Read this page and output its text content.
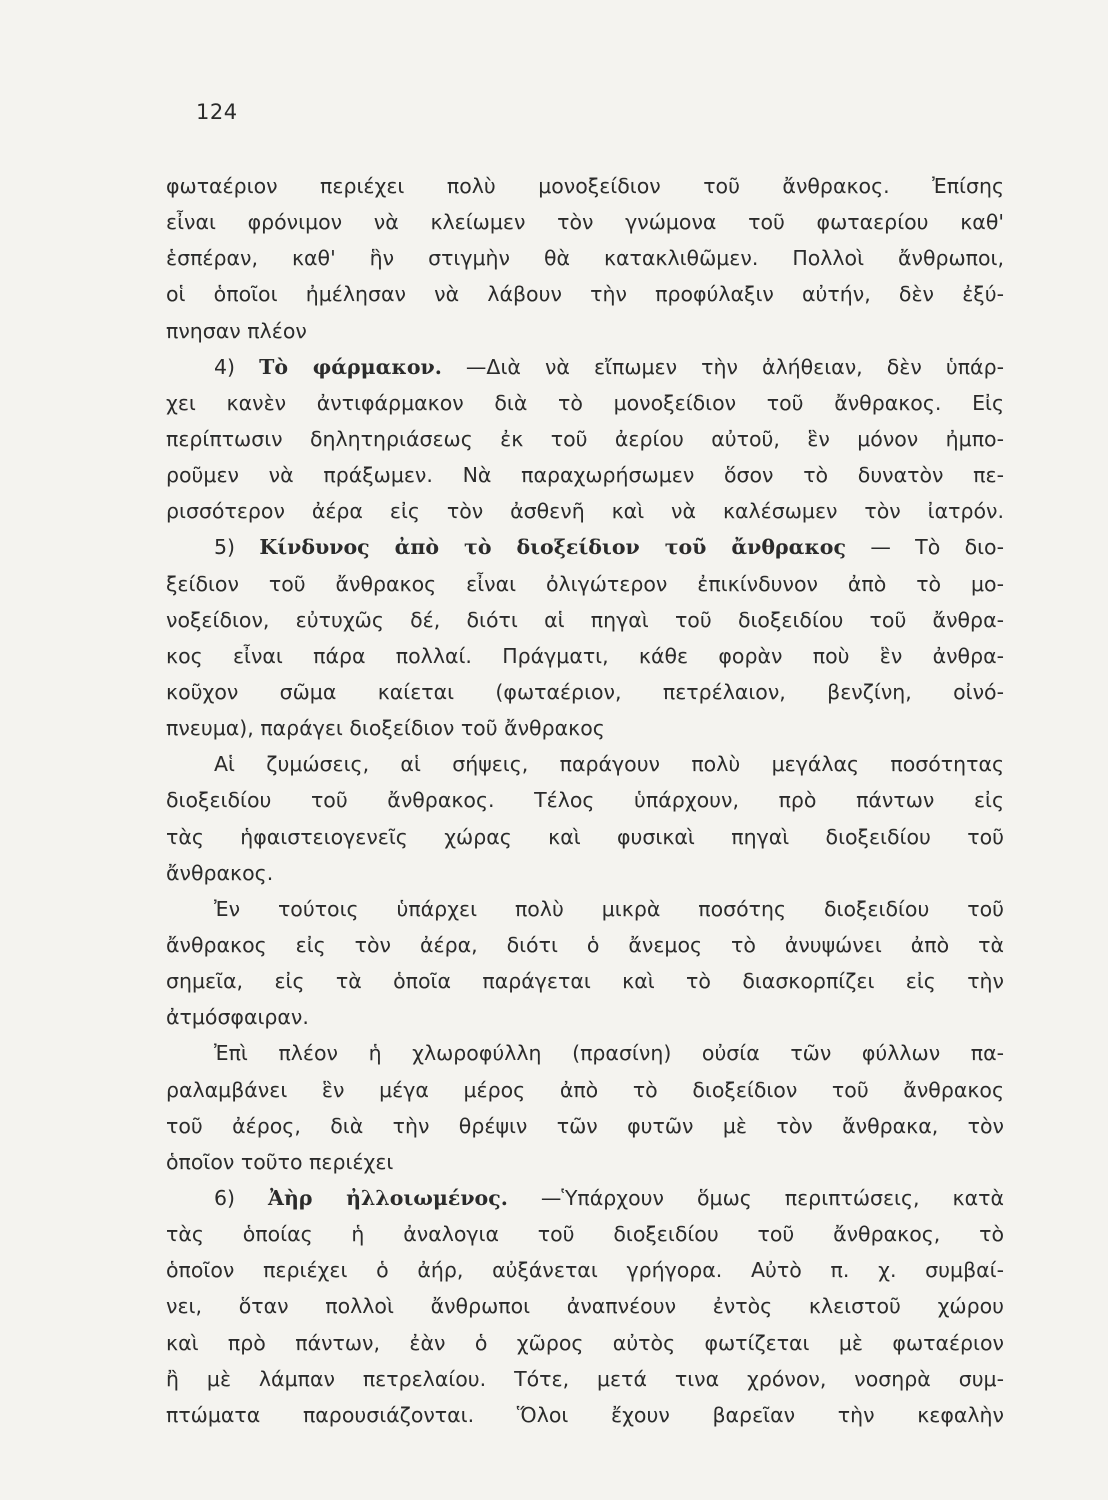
124
φωταέριον περιέχει πολὺ μονοξείδιον τοῦ ἄνθρακος. Ἐπίσης
εἶναι φρόνιμον νὰ κλείωμεν τὸν γνώμονα τοῦ φωταερίου καθ'
ἑσπέραν, καθ' ἣν στιγμὴν θὰ κατακλιθῶμεν. Πολλοὶ ἄνθρωποι,
οἱ ὁποῖοι ἠμέλησαν νὰ λάβουν τὴν προφύλαξιν αὐτήν, δὲν ἐξύ-
πνησαν πλέον
4) Τὸ φάρμακον. —Διὰ νὰ εἴπωμεν τὴν ἀλήθειαν, δὲν ὑπάρ-
χει κανὲν ἀντιφάρμακον διὰ τὸ μονοξείδιον τοῦ ἄνθρακος. Εἰς
περίπτωσιν δηλητηριάσεως ἐκ τοῦ ἀερίου αὐτοῦ, ἓν μόνον ἠμπο-
ροῦμεν νὰ πράξωμεν. Νὰ παραχωρήσωμεν ὅσον τὸ δυνατὸν πε-
ρισσότερον ἀέρα εἰς τὸν ἀσθενῆ καὶ νὰ καλέσωμεν τὸν ἰατρόν.
5) Κίνδυνος ἀπὸ τὸ διοξείδιον τοῦ ἄνθρακος — Τὸ διο-
ξείδιον τοῦ ἄνθρακος εἶναι ὀλιγώτερον ἐπικίνδυνον ἀπὸ τὸ μο-
νοξείδιον, εὐτυχῶς δέ, διότι αἱ πηγαὶ τοῦ διοξειδίου τοῦ ἄνθρα-
κος εἶναι πάρα πολλαί. Πράγματι, κάθε φορὰν ποὺ ἓν ἀνθρα-
κοῦχον σῶμα καίεται (φωταέριον, πετρέλαιον, βενζίνη, οἰνό-
πνευμα), παράγει διοξείδιον τοῦ ἄνθρακος
Αἱ ζυμώσεις, αἱ σήψεις, παράγουν πολὺ μεγάλας ποσότητας
διοξειδίου τοῦ ἄνθρακος. Τέλος ὑπάρχουν, πρὸ πάντων εἰς
τὰς ἡφαιστειογενεῖς χώρας καὶ φυσικαὶ πηγαὶ διοξειδίου τοῦ
ἄνθρακος.
Ἐν τούτοις ὑπάρχει πολὺ μικρὰ ποσότης διοξειδίου τοῦ
ἄνθρακος εἰς τὸν ἀέρα, διότι ὁ ἄνεμος τὸ ἀνυψώνει ἀπὸ τὰ
σημεῖα, εἰς τὰ ὁποῖα παράγεται καὶ τὸ διασκορπίζει εἰς τὴν
ἀτμόσφαιραν.
Ἐπὶ πλέον ἡ χλωροφύλλη (πρασίνη) οὐσία τῶν φύλλων πα-
ραλαμβάνει ἓν μέγα μέρος ἀπὸ τὸ διοξείδιον τοῦ ἄνθρακος
τοῦ ἀέρος, διὰ τὴν θρέψιν τῶν φυτῶν μὲ τὸν ἄνθρακα, τὸν
ὁποῖον τοῦτο περιέχει
6) Ἀὴρ ἠλλοιωμένος. —Ὑπάρχουν ὅμως περιπτώσεις, κατὰ
τὰς ὁποίας ἡ ἀναλογια τοῦ διοξειδίου τοῦ ἄνθρακος, τὸ
ὁποῖον περιέχει ὁ ἀήρ, αὐξάνεται γρήγορα. Αὐτὸ π. χ. συμβαί-
νει, ὅταν πολλοὶ ἄνθρωποι ἀναπνέουν ἐντὸς κλειστοῦ χώρου
καὶ πρὸ πάντων, ἐὰν ὁ χῶρος αὐτὸς φωτίζεται μὲ φωταέριον
ἢ μὲ λάμπαν πετρελαίου. Τότε, μετά τινα χρόνον, νοσηρὰ συμ-
πτώματα παρουσιάζονται. Ὅλοι ἔχουν βαρεῖαν τὴν κεφαλὴν
